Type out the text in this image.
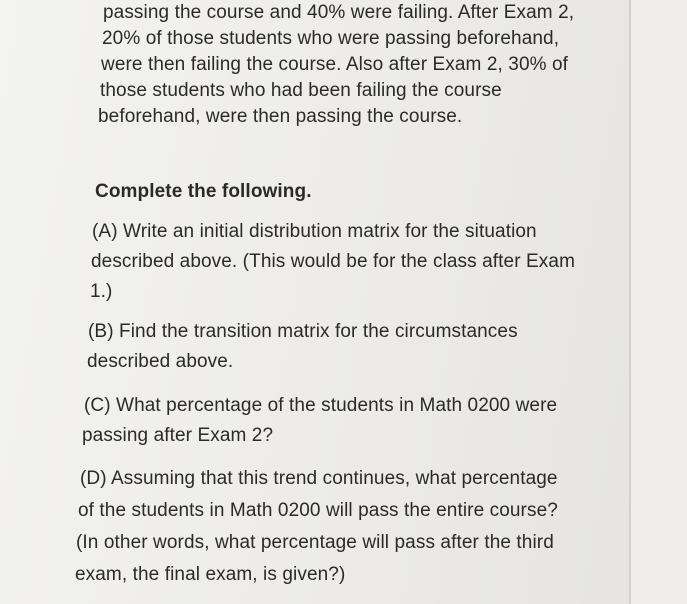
passing the course and 40% were failing. After Exam 2,
20% of those students who were passing beforehand,
were then failing the course. Also after Exam 2, 30% of
those students who had been failing the course
beforehand, were then passing the course.
Complete the following.
(A) Write an initial distribution matrix for the situation
described above. (This would be for the class after Exam
1.)
(B) Find the transition matrix for the circumstances
described above.
(C) What percentage of the students in Math 0200 were
passing after Exam 2?
(D) Assuming that this trend continues, what percentage
of the students in Math 0200 will pass the entire course?
(In other words, what percentage will pass after the third
exam, the final exam, is given?)
